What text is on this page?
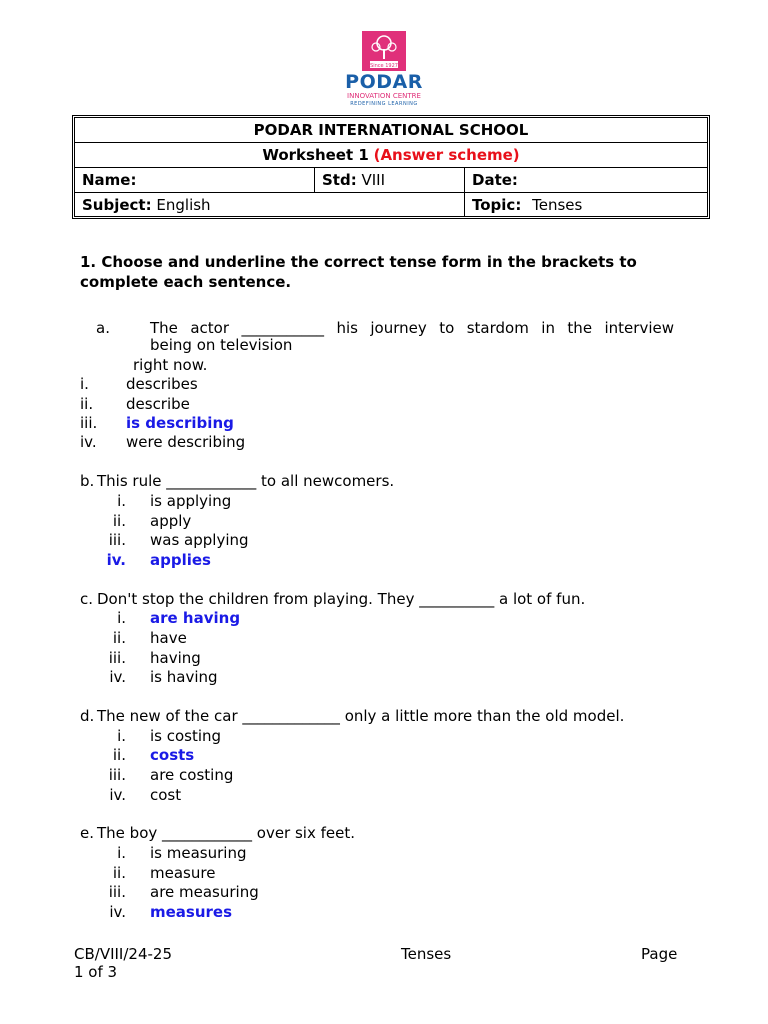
Since 1927
PODAR
INNOVATION CENTRE
REDEFINING LEARNING
PODAR INTERNATIONAL SCHOOL
Worksheet 1 (Answer scheme)
Name:	Std: VIII	Date:
Subject: English	Topic: Tenses
1. Choose and underline the correct tense form in the brackets to complete each sentence.
a.	The actor ___________ his journey to stardom in the interview
being on television
right now.
i. describes
ii. describe
iii. is describing
iv. were describing
b. This rule ____________ to all newcomers.
i. is applying
ii. apply
iii. was applying
iv. applies
c. Don't stop the children from playing. They __________ a lot of fun.
i. are having
ii. have
iii. having
iv. is having
d. The new of the car _____________ only a little more than the old model.
i. is costing
ii. costs
iii. are costing
iv. cost
e. The boy ____________ over six feet.
i. is measuring
ii. measure
iii. are measuring
iv. measures
CB/VIII/24-25	Tenses	Page
1 of 3
